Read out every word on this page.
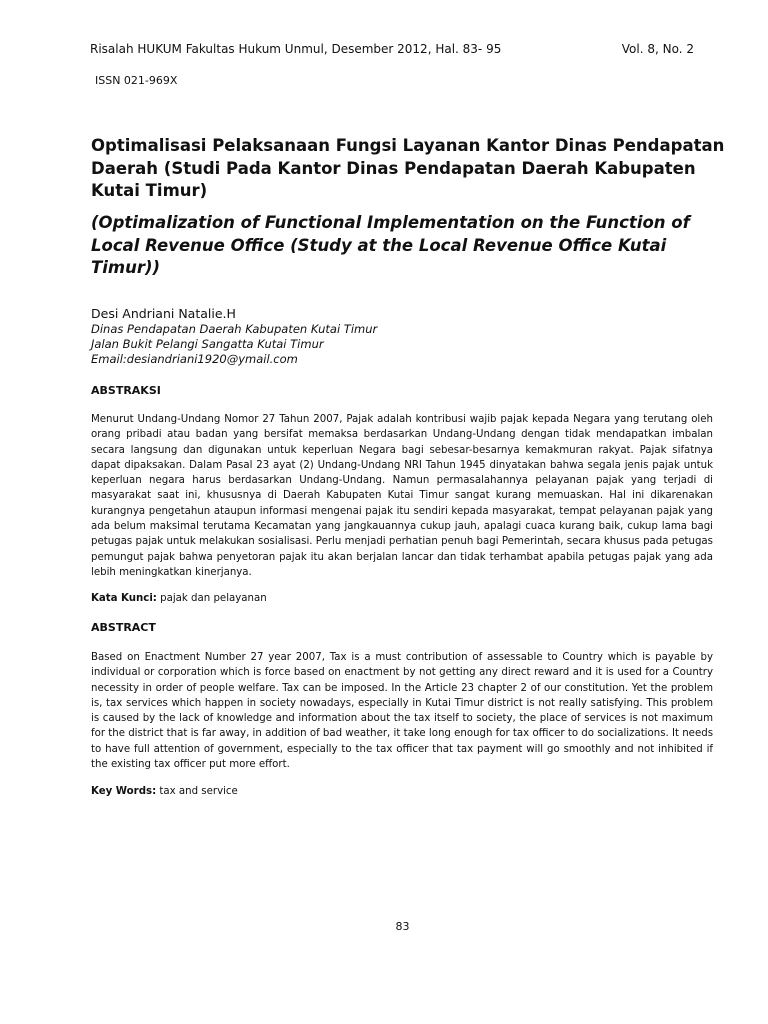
Risalah HUKUM Fakultas Hukum Unmul, Desember 2012, Hal. 83- 95	Vol. 8, No. 2
ISSN 021-969X
Optimalisasi Pelaksanaan Fungsi Layanan Kantor Dinas Pendapatan Daerah (Studi Pada Kantor Dinas Pendapatan Daerah Kabupaten Kutai Timur)
(Optimalization of Functional Implementation on the Function of Local Revenue Office (Study at the Local Revenue Office Kutai Timur))
Desi Andriani Natalie.H
Dinas Pendapatan Daerah Kabupaten Kutai Timur
Jalan Bukit Pelangi Sangatta Kutai Timur
Email:desiandriani1920@ymail.com
ABSTRAKSI

Menurut Undang-Undang Nomor 27 Tahun 2007, Pajak adalah kontribusi wajib pajak kepada Negara yang terutang oleh orang pribadi atau badan yang bersifat memaksa berdasarkan Undang-Undang dengan tidak mendapatkan imbalan secara langsung dan digunakan untuk keperluan Negara bagi sebesar-besarnya kemakmuran rakyat. Pajak sifatnya dapat dipaksakan. Dalam Pasal 23 ayat (2) Undang-Undang NRI Tahun 1945 dinyatakan bahwa segala jenis pajak untuk keperluan negara harus berdasarkan Undang-Undang. Namun permasalahannya pelayanan pajak yang terjadi di masyarakat saat ini, khususnya di Daerah Kabupaten Kutai Timur sangat kurang memuaskan. Hal ini dikarenakan kurangnya pengetahun ataupun informasi mengenai pajak itu sendiri kepada masyarakat, tempat pelayanan pajak yang ada belum maksimal terutama Kecamatan yang jangkauannya cukup jauh, apalagi cuaca kurang baik, cukup lama bagi petugas pajak untuk melakukan sosialisasi. Perlu menjadi perhatian penuh bagi Pemerintah, secara khusus pada petugas pemungut pajak bahwa penyetoran pajak itu akan berjalan lancar dan tidak terhambat apabila petugas pajak yang ada lebih meningkatkan kinerjanya.

Kata Kunci: pajak dan pelayanan
ABSTRACT

Based on Enactment Number 27 year 2007, Tax is a must contribution of assessable to Country which is payable by individual or corporation which is force based on enactment by not getting any direct reward and it is used for a Country necessity in order of people welfare. Tax can be imposed. In the Article 23 chapter 2 of our constitution. Yet the problem is, tax services which happen in society nowadays, especially in Kutai Timur district is not really satisfying. This problem is caused by the lack of knowledge and information about the tax itself to society, the place of services is not maximum for the district that is far away, in addition of bad weather, it take long enough for tax officer to do socializations. It needs to have full attention of government, especially to the tax officer that tax payment will go smoothly and not inhibited if the existing tax officer put more effort.

Key Words: tax and service
83
